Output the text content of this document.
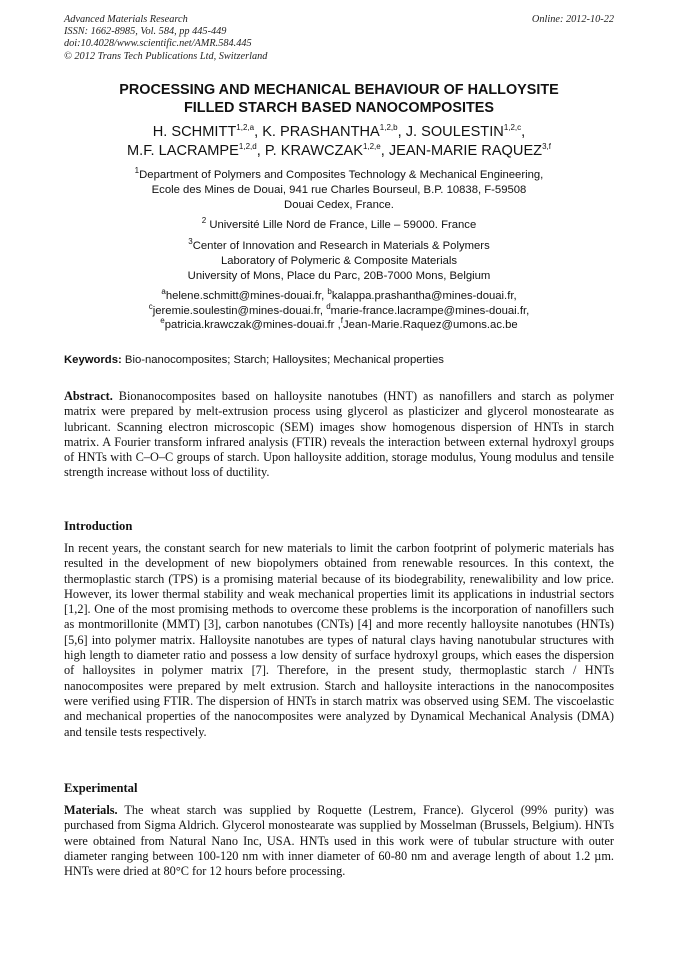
Advanced Materials Research
ISSN: 1662-8985, Vol. 584, pp 445-449
doi:10.4028/www.scientific.net/AMR.584.445
© 2012 Trans Tech Publications Ltd, Switzerland
Online: 2012-10-22
PROCESSING AND MECHANICAL BEHAVIOUR OF HALLOYSITE
FILLED STARCH BASED NANOCOMPOSITES
H. SCHMITT$^{1,2,a}$, K. PRASHANTHA$^{1,2,b}$, J. SOULESTIN$^{1,2,c}$,
M.F. LACRAMPE$^{1,2,d}$, P. KRAWCZAK$^{1,2,e}$, JEAN-MARIE RAQUEZ$^{3,f}$
$^1$Department of Polymers and Composites Technology & Mechanical Engineering,
Ecole des Mines de Douai, 941 rue Charles Bourseul, B.P. 10838, F-59508
Douai Cedex, France.
$^2$ Université Lille Nord de France, Lille – 59000. France
$^3$Center of Innovation and Research in Materials & Polymers
Laboratory of Polymeric & Composite Materials
University of Mons, Place du Parc, 20B-7000 Mons, Belgium
$^a$helene.schmitt@mines-douai.fr, $^b$kalappa.prashantha@mines-douai.fr,
$^c$jeremie.soulestin@mines-douai.fr, $^d$marie-france.lacrampe@mines-douai.fr,
$^e$patricia.krawczak@mines-douai.fr ,$^f$Jean-Marie.Raquez@umons.ac.be
Keywords: Bio-nanocomposites; Starch; Halloysites; Mechanical properties
Abstract. Bionanocomposites based on halloysite nanotubes (HNT) as nanofillers and starch as polymer matrix were prepared by melt-extrusion process using glycerol as plasticizer and glycerol monostearate as lubricant. Scanning electron microscopic (SEM) images show homogenous dispersion of HNTs in starch matrix. A Fourier transform infrared analysis (FTIR) reveals the interaction between external hydroxyl groups of HNTs with C–O–C groups of starch. Upon halloysite addition, storage modulus, Young modulus and tensile strength increase without loss of ductility.
Introduction
In recent years, the constant search for new materials to limit the carbon footprint of polymeric materials has resulted in the development of new biopolymers obtained from renewable resources. In this context, the thermoplastic starch (TPS) is a promising material because of its biodegrability, renewalibility and low price. However, its lower thermal stability and weak mechanical properties limit its applications in industrial sectors [1,2]. One of the most promising methods to overcome these problems is the incorporation of nanofillers such as montmorillonite (MMT) [3], carbon nanotubes (CNTs) [4] and more recently halloysite nanotubes (HNTs) [5,6] into polymer matrix. Halloysite nanotubes are types of natural clays having nanotubular structures with high length to diameter ratio and possess a low density of surface hydroxyl groups, which eases the dispersion of halloysites in polymer matrix [7]. Therefore, in the present study, thermoplastic starch / HNTs nanocomposites were prepared by melt extrusion. Starch and halloysite interactions in the nanocomposites were verified using FTIR. The dispersion of HNTs in starch matrix was observed using SEM. The viscoelastic and mechanical properties of the nanocomposites were analyzed by Dynamical Mechanical Analysis (DMA) and tensile tests respectively.
Experimental
Materials. The wheat starch was supplied by Roquette (Lestrem, France). Glycerol (99% purity) was purchased from Sigma Aldrich. Glycerol monostearate was supplied by Mosselman (Brussels, Belgium). HNTs were obtained from Natural Nano Inc, USA. HNTs used in this work were of tubular structure with outer diameter ranging between 100-120 nm with inner diameter of 60-80 nm and average length of about 1.2 µm. HNTs were dried at 80°C for 12 hours before processing.
